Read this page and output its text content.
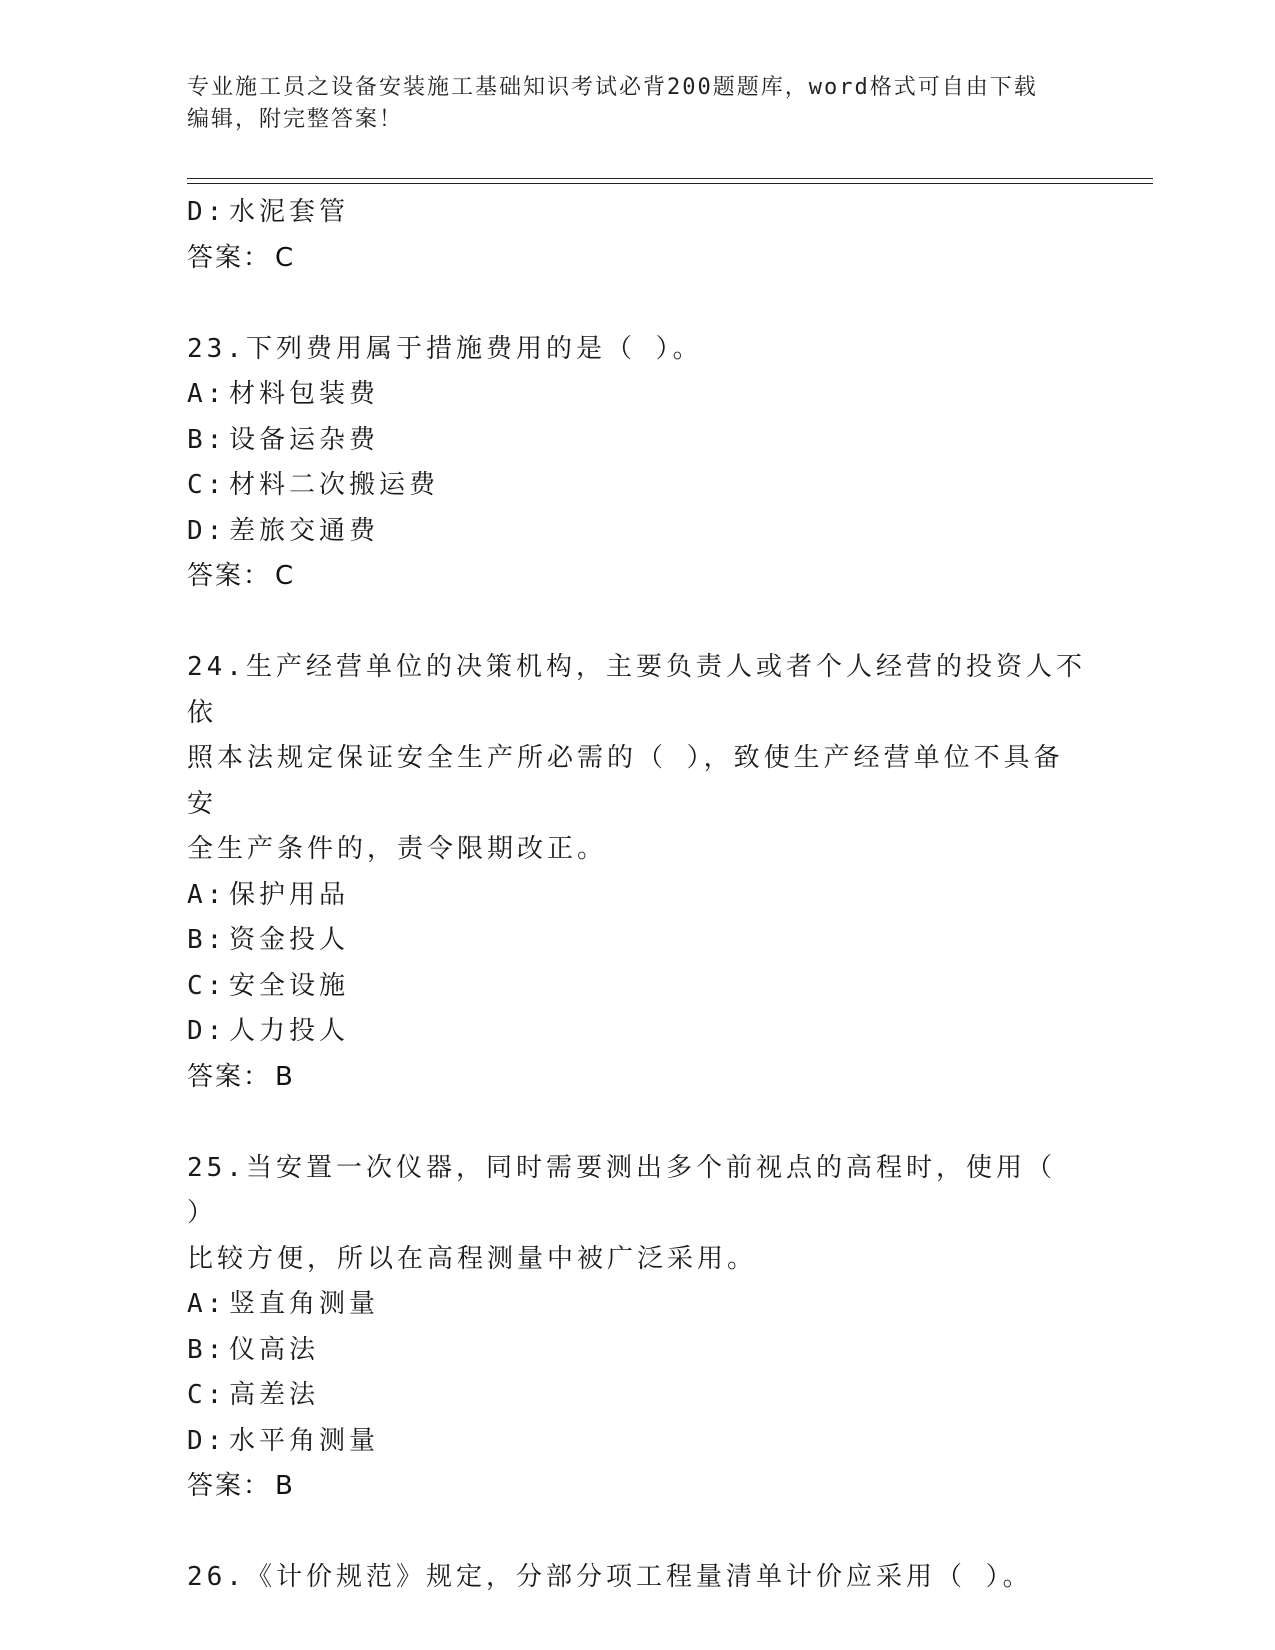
专业施工员之设备安装施工基础知识考试必背200题题库，word格式可自由下载
编辑，附完整答案！
D: 水泥套管
答案： C
23.下列费用属于措施费用的是（ ）。
A: 材料包装费
B: 设备运杂费
C: 材料二次搬运费
D: 差旅交通费
答案： C
24.生产经营单位的决策机构，主要负责人或者个人经营的投资人不依
照本法规定保证安全生产所必需的（ ），致使生产经营单位不具备安
全生产条件的，责令限期改正。
A: 保护用品
B: 资金投人
C: 安全设施
D: 人力投人
答案： B
25.当安置一次仪器，同时需要测出多个前视点的高程时，使用（ ）
比较方便，所以在高程测量中被广泛采用。
A: 竖直角测量
B: 仪高法
C: 高差法
D: 水平角测量
答案： B
26.《计价规范》规定，分部分项工程量清单计价应采用（ ）。
